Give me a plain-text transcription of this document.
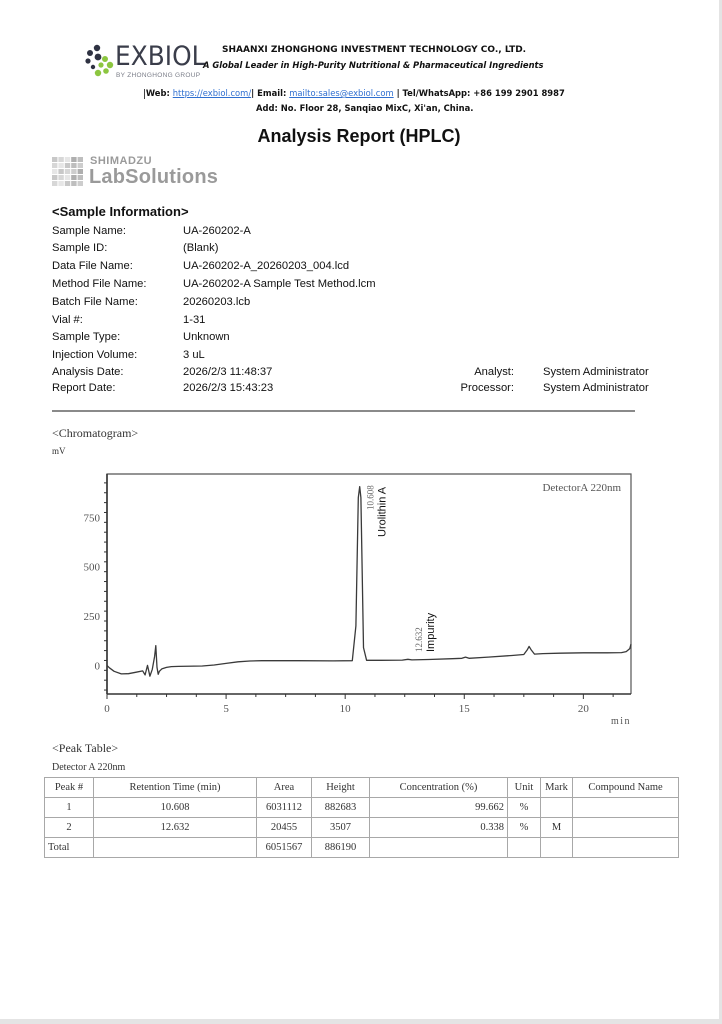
EXBIOL
BY ZHONGHONG GROUP
SHAANXI ZHONGHONG INVESTMENT TECHNOLOGY CO., LTD.
A Global Leader in High-Purity Nutritional & Pharmaceutical Ingredients
Web: https://exbiol.com/| Email: mailto:sales@exbiol.com | Tel/WhatsApp: +86 199 2901 8987
Add: No. Floor 28, Sanqiao MixC, Xi'an, China.
Analysis Report (HPLC)
SHIMADZU
LabSolutions
<Sample Information>
Sample Name:	UA-260202-A
Sample ID:	(Blank)
Data File Name:	UA-260202-A_20260203_004.lcd
Method File Name:	UA-260202-A Sample Test Method.lcm
Batch File Name:	20260203.lcb
Vial #:	1-31
Sample Type:	Unknown
Injection Volume:	3 uL
Analysis Date:	2026/2/3 11:48:37
Report Date:	2026/2/3 15:43:23
Analyst:	System Administrator
Processor:	System Administrator
<Chromatogram>
mV
0
250
500
750
0	5	10	15	20
min
DetectorA 220nm
10.608 Urolithin A
12.632 Impurity
<Peak Table>
Detector A 220nm
Peak #	Retention Time (min)	Area	Height	Concentration (%)	Unit	Mark	Compound Name
1	10.608	6031112	882683	99.662	%		
2	12.632	20455	3507	0.338	%	M	
Total		6051567	886190				
